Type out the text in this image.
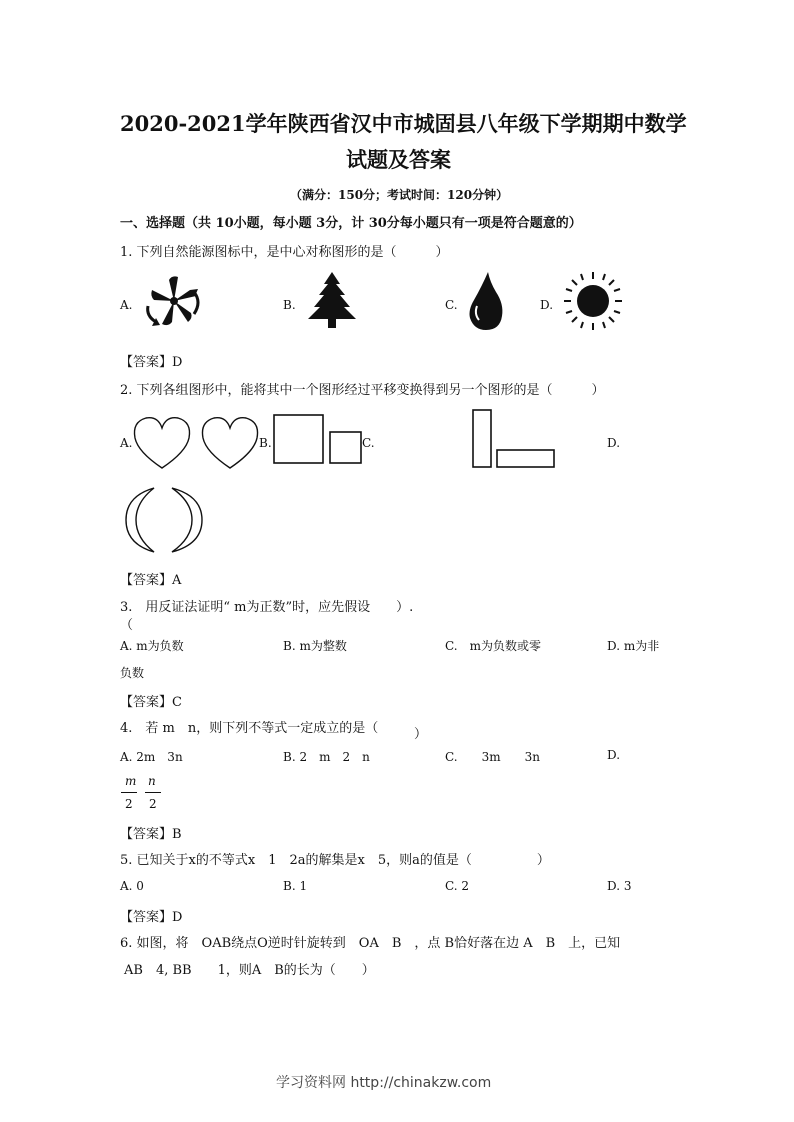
2020-2021学年陕西省汉中市城固县八年级下学期期中数学
试题及答案
（满分：150分；考试时间：120分钟）
一、选择题（共 10小题，每小题 3分，计 30分每小题只有一项是符合题意的）
1. 下列自然能源图标中，是中心对称图形的是（　　　）
A.	B.	C.	D.
【答案】D
2. 下列各组图形中，能将其中一个图形经过平移变换得到另一个图形的是（　　　）
A.	B.	C.	D.
【答案】A
3.　用反证法证明“ m为正数”时，应先假设　　）.
（
A. m为负数	B. m为整数	C.　m为负数或零	D. m为非
负数
【答案】C
4.　若 m　n，则下列不等式一定成立的是（	）
A. 2m　3n	B. 2　m　2　n	C.　　3m　　3n	D.
m n
2 2
【答案】B
5. 已知关于x的不等式x　1　2a的解集是x　5，则a的值是（　　　　　）
A. 0	B. 1	C. 2	D. 3
【答案】D
6. 如图，将　OAB绕点O逆时针旋转到　OA　B　，点 B恰好落在边 A　B　上，已知
AB　4, BB　　1，则A　B的长为（　　）
学习资料网 http://chinakzw.com
